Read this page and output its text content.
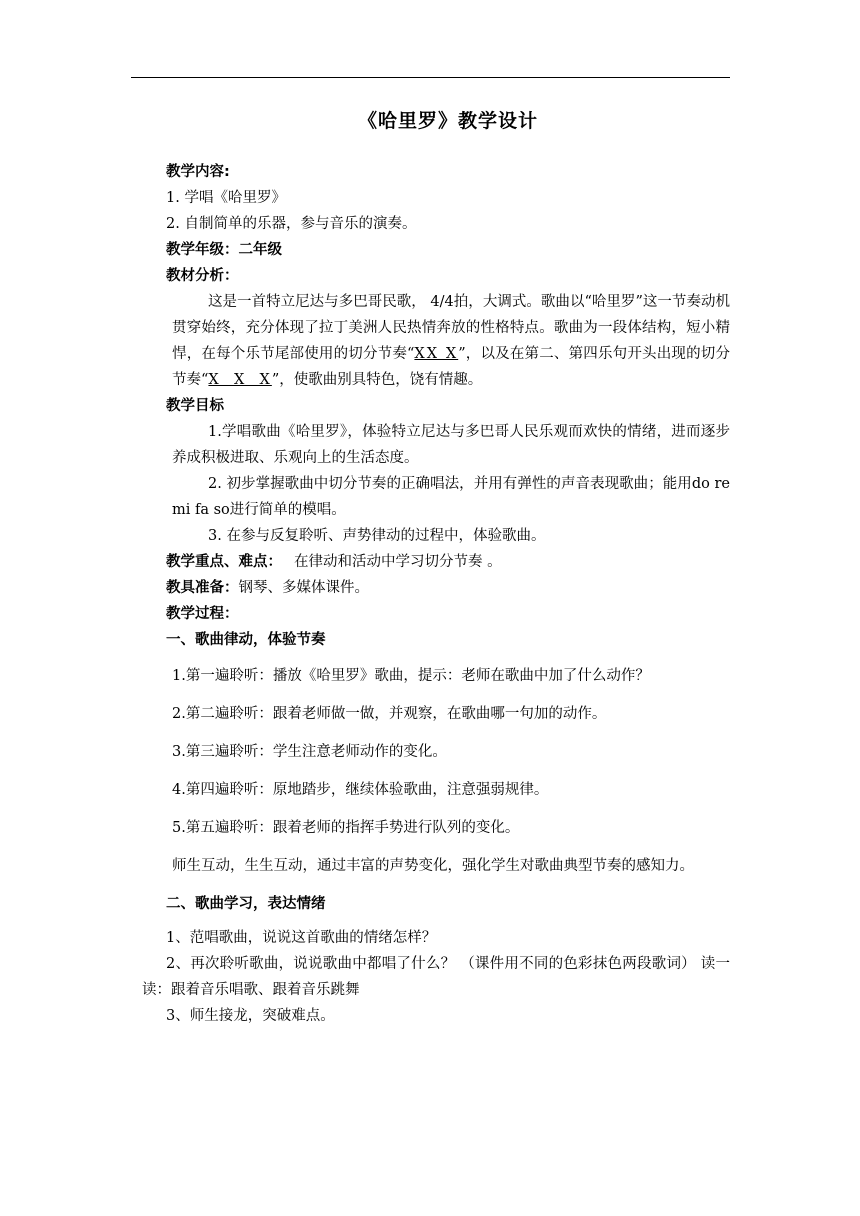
《哈里罗》教学设计
教学内容:

1. 学唱《哈里罗》

2. 自制简单的乐器，参与音乐的演奏。

教学年级：二年级
教材分析：

这是一首特立尼达与多巴哥民歌， 4/4拍，大调式。歌曲以“哈里罗”这一节奏动机贯穿始终，充分体现了拉丁美洲人民热情奔放的性格特点。歌曲为一段体结构，短小精悍，在每个乐节尾部使用的切分节奏“XX X”，以及在第二、第四乐句开头出现的切分节奏“X  X  X”，使歌曲别具特色，饶有情趣。

教学目标

1.学唱歌曲《哈里罗》，体验特立尼达与多巴哥人民乐观而欢快的情绪，进而逐步养成积极进取、乐观向上的生活态度。

2. 初步掌握歌曲中切分节奏的正确唱法，并用有弹性的声音表现歌曲；能用do re mi fa so进行简单的模唱。

3. 在参与反复聆听、声势律动的过程中，体验歌曲。

教学重点、难点： 在律动和活动中学习切分节奏 。

教具准备：钢琴、多媒体课件。

教学过程：
一、歌曲律动，体验节奏

1.第一遍聆听：播放《哈里罗》歌曲，提示：老师在歌曲中加了什么动作？

2.第二遍聆听：跟着老师做一做，并观察，在歌曲哪一句加的动作。

3.第三遍聆听：学生注意老师动作的变化。

4.第四遍聆听：原地踏步，继续体验歌曲，注意强弱规律。

5.第五遍聆听：跟着老师的指挥手势进行队列的变化。

师生互动，生生互动，通过丰富的声势变化，强化学生对歌曲典型节奏的感知力。

二、歌曲学习，表达情绪

1、范唱歌曲，说说这首歌曲的情绪怎样？

2、再次聆听歌曲，说说歌曲中都唱了什么？ （课件用不同的色彩抹色两段歌词） 读一读：跟着音乐唱歌、跟着音乐跳舞

3、师生接龙，突破难点。
